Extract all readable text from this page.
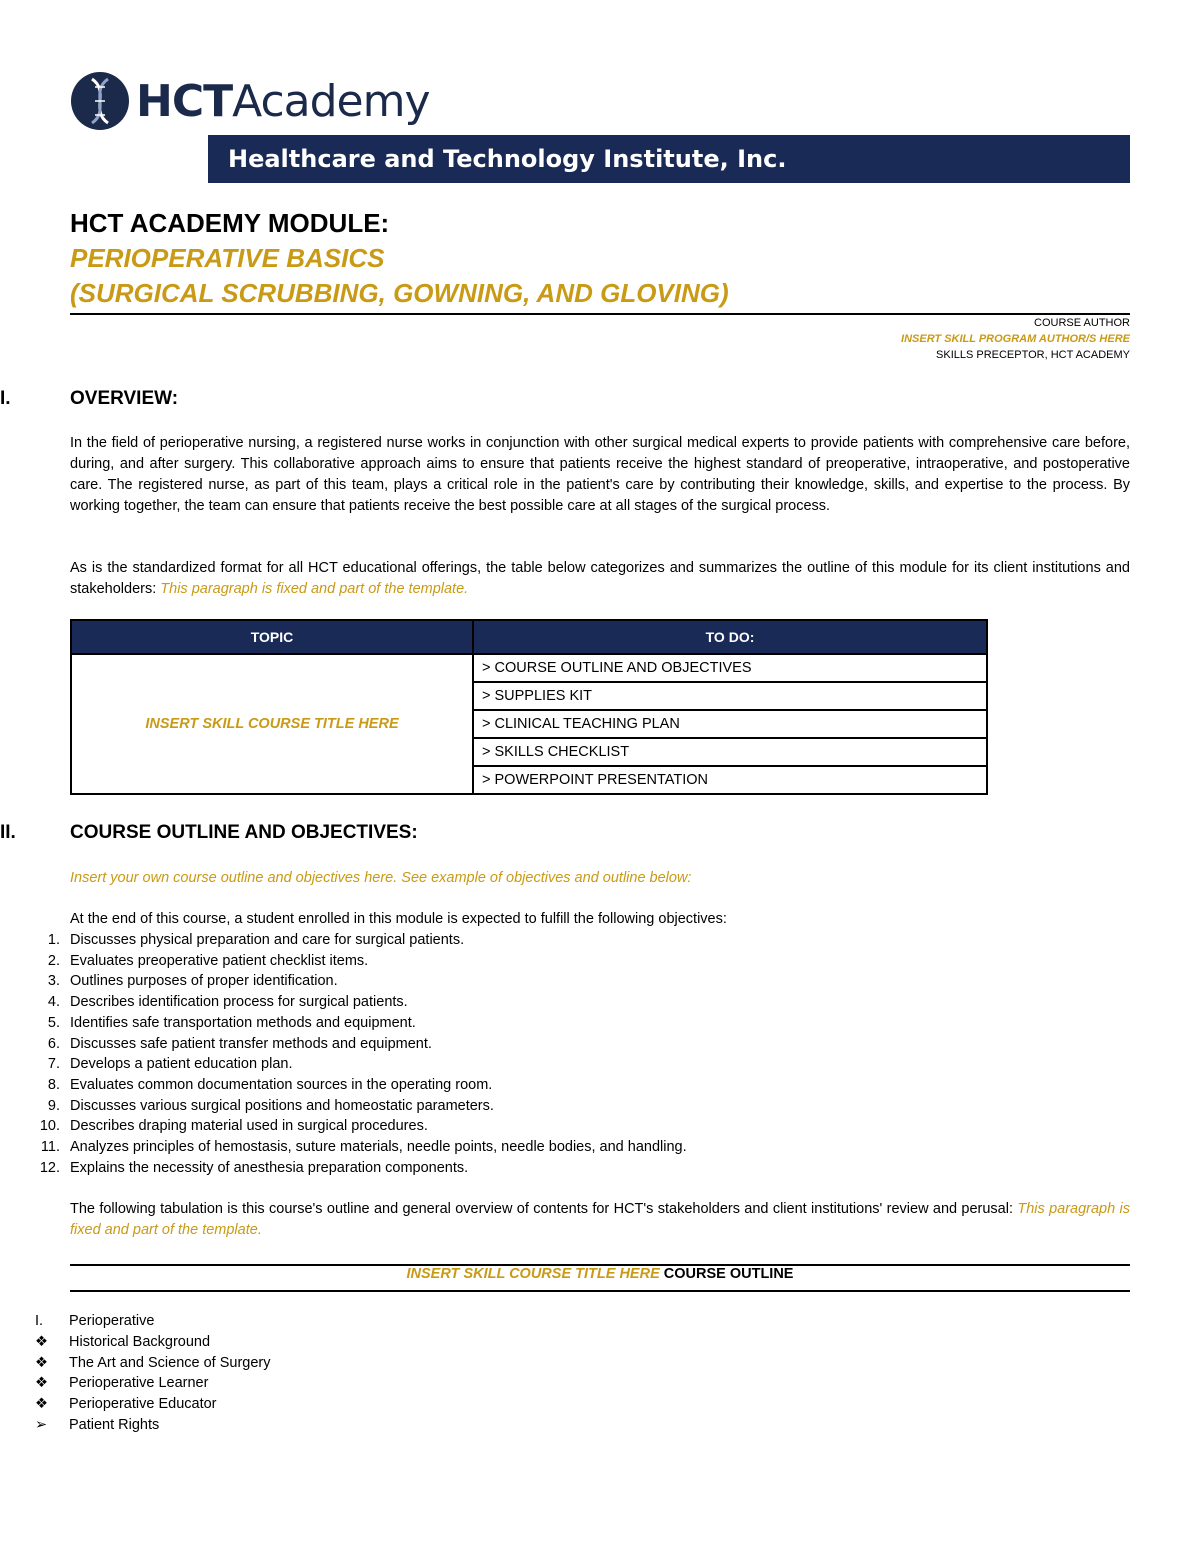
HCTAcademy
Healthcare and Technology Institute, Inc.
HCT ACADEMY MODULE:
PERIOPERATIVE BASICS
(SURGICAL SCRUBBING, GOWNING, AND GLOVING)
COURSE AUTHOR
INSERT SKILL PROGRAM AUTHOR/S HERE
SKILLS PRECEPTOR, HCT ACADEMY
I.	OVERVIEW:
In the field of perioperative nursing, a registered nurse works in conjunction with other surgical medical experts to provide patients with comprehensive care before, during, and after surgery. This collaborative approach aims to ensure that patients receive the highest standard of preoperative, intraoperative, and postoperative care. The registered nurse, as part of this team, plays a critical role in the patient's care by contributing their knowledge, skills, and expertise to the process. By working together, the team can ensure that patients receive the best possible care at all stages of the surgical process.
As is the standardized format for all HCT educational offerings, the table below categorizes and summarizes the outline of this module for its client institutions and stakeholders: This paragraph is fixed and part of the template.
TOPIC	TO DO:
INSERT SKILL COURSE TITLE HERE	> COURSE OUTLINE AND OBJECTIVES
	> SUPPLIES KIT
	> CLINICAL TEACHING PLAN
	> SKILLS CHECKLIST
	> POWERPOINT PRESENTATION
II.	COURSE OUTLINE AND OBJECTIVES:
Insert your own course outline and objectives here. See example of objectives and outline below:
At the end of this course, a student enrolled in this module is expected to fulfill the following objectives:
1. Discusses physical preparation and care for surgical patients.
2. Evaluates preoperative patient checklist items.
3. Outlines purposes of proper identification.
4. Describes identification process for surgical patients.
5. Identifies safe transportation methods and equipment.
6. Discusses safe patient transfer methods and equipment.
7. Develops a patient education plan.
8. Evaluates common documentation sources in the operating room.
9. Discusses various surgical positions and homeostatic parameters.
10. Describes draping material used in surgical procedures.
11. Analyzes principles of hemostasis, suture materials, needle points, needle bodies, and handling.
12. Explains the necessity of anesthesia preparation components.
The following tabulation is this course's outline and general overview of contents for HCT's stakeholders and client institutions' review and perusal: This paragraph is fixed and part of the template.
INSERT SKILL COURSE TITLE HERE COURSE OUTLINE
I. Perioperative
❖ Historical Background
❖ The Art and Science of Surgery
❖ Perioperative Learner
❖ Perioperative Educator
➢ Patient Rights
